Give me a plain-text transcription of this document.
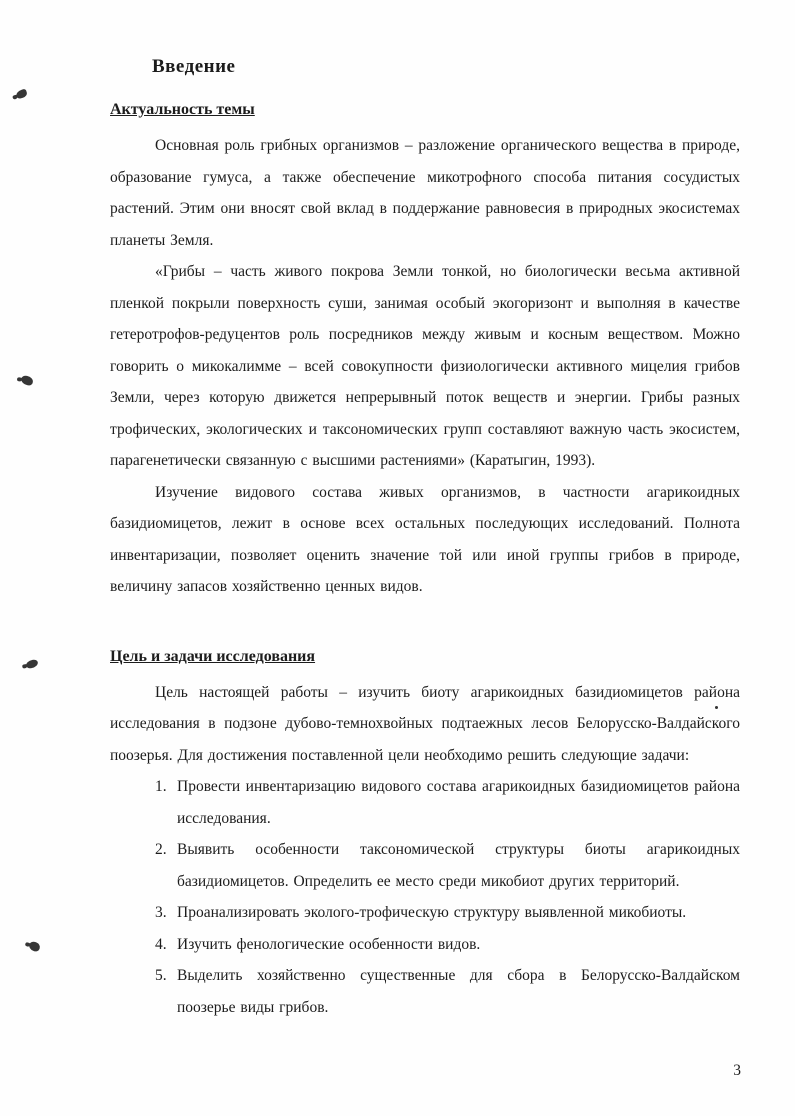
Введение
Актуальность темы

Основная роль грибных организмов – разложение органического вещества в природе, образование гумуса, а также обеспечение микотрофного способа питания сосудистых растений. Этим они вносят свой вклад в поддержание равновесия в природных экосистемах планеты Земля.

«Грибы – часть живого покрова Земли тонкой, но биологически весьма активной пленкой покрыли поверхность суши, занимая особый экогоризонт и выполняя в качестве гетеротрофов-редуцентов роль посредников между живым и косным веществом. Можно говорить о микокалимме – всей совокупности физиологически активного мицелия грибов Земли, через которую движется непрерывный поток веществ и энергии. Грибы разных трофических, экологических и таксономических групп составляют важную часть экосистем, парагенетически связанную с высшими растениями» (Каратыгин, 1993).

Изучение видового состава живых организмов, в частности агарикоидных базидиомицетов, лежит в основе всех остальных последующих исследований. Полнота инвентаризации, позволяет оценить значение той или иной группы грибов в природе, величину запасов хозяйственно ценных видов.

Цель и задачи исследования

Цель настоящей работы – изучить биоту агарикоидных базидиомицетов района исследования в подзоне дубово-темнохвойных подтаежных лесов Белорусско-Валдайского поозерья. Для достижения поставленной цели необходимо решить следующие задачи:

1. Провести инвентаризацию видового состава агарикоидных базидиомицетов района исследования.
2. Выявить особенности таксономической структуры биоты агарикоидных базидиомицетов. Определить ее место среди микобиот других территорий.
3. Проанализировать эколого-трофическую структуру выявленной микобиоты.
4. Изучить фенологические особенности видов.
5. Выделить хозяйственно существенные для сбора в Белорусско-Валдайском поозерье виды грибов.
3
